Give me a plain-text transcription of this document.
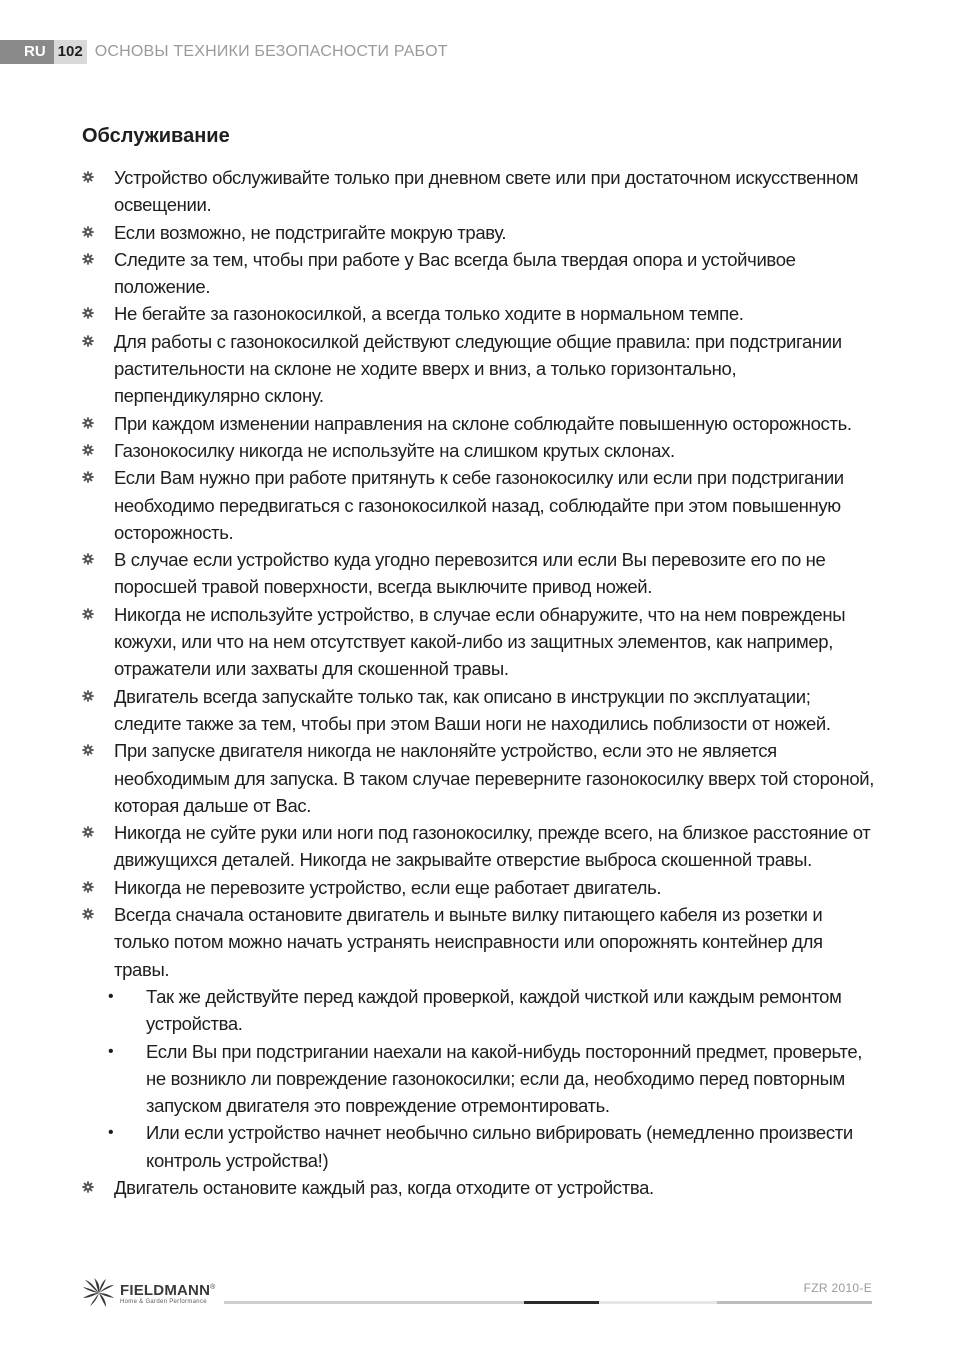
RU 102 ОСНОВЫ ТЕХНИКИ БЕЗОПАСНОСТИ РАБОТ
Обслуживание
Устройство обслуживайте только при дневном свете или при достаточном искусственном освещении.
Если возможно, не подстригайте мокрую траву.
Следите за тем, чтобы при работе у Вас всегда была твердая опора и устойчивое положение.
Не бегайте за газонокосилкой, а всегда только ходите в нормальном темпе.
Для работы с газонокосилкой действуют следующие общие правила: при подстригании растительности на склоне не ходите вверх и вниз, а только горизонтально, перпендикулярно склону.
При каждом изменении направления на склоне соблюдайте повышенную осторожность.
Газонокосилку никогда не используйте на слишком крутых склонах.
Если Вам нужно при работе притянуть к себе газонокосилку или если при подстригании необходимо передвигаться с газонокосилкой назад, соблюдайте при этом повышенную осторожность.
В случае если устройство куда угодно перевозится или если Вы перевозите его по не поросшей травой поверхности, всегда выключите привод ножей.
Никогда не используйте устройство, в случае если обнаружите, что на нем повреждены кожухи, или что на нем отсутствует какой-либо из защитных элементов, как например, отражатели или захваты для скошенной травы.
Двигатель всегда запускайте только так, как описано в инструкции по эксплуатации; следите также за тем, чтобы при этом Ваши ноги не находились поблизости от ножей.
При запуске двигателя никогда не наклоняйте устройство, если это не является необходимым для запуска. В таком случае переверните газонокосилку вверх той стороной, которая дальше от Вас.
Никогда не суйте руки или ноги под газонокосилку, прежде всего, на близкое расстояние от движущихся деталей. Никогда не закрывайте отверстие выброса скошенной травы.
Никогда не перевозите устройство, если еще работает двигатель.
Всегда сначала остановите двигатель и выньте вилку питающего кабеля из розетки и только потом можно начать устранять неисправности или опорожнять контейнер для травы.
• Так же действуйте перед каждой проверкой, каждой чисткой или каждым ремонтом устройства.
• Если Вы при подстригании наехали на какой-нибудь посторонний предмет, проверьте, не возникло ли повреждение газонокосилки; если да, необходимо перед повторным запуском двигателя это повреждение отремонтировать.
• Или если устройство начнет необычно сильно вибрировать (немедленно произвести контроль устройства!)
Двигатель остановите каждый раз, когда отходите от устройства.
FIELDMANN®
Home & Garden Performance
FZR 2010-E
